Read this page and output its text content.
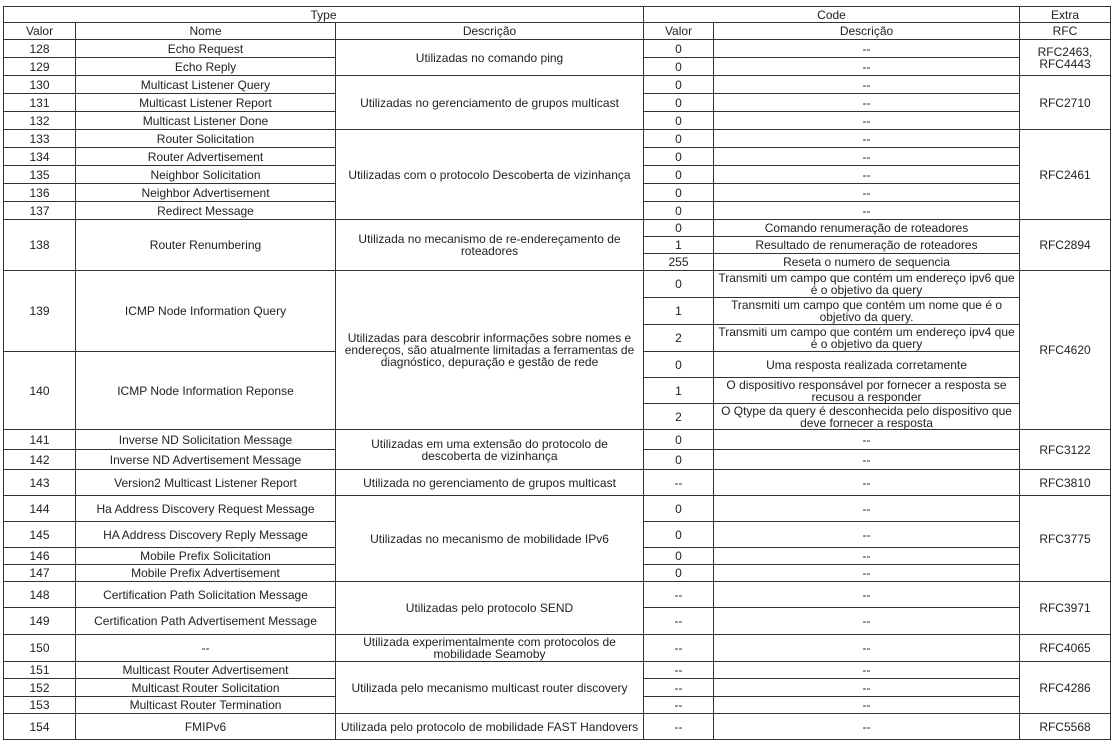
Type			Code		Extra
Valor	Nome	Descrição	Valor	Descrição	RFC
128	Echo Request	Utilizadas no comando ping	0	--	RFC2463, RFC4443
129	Echo Reply		0	--	
130	Multicast Listener Query	Utilizadas no gerenciamento de grupos multicast	0	--	RFC2710
131	Multicast Listener Report		0	--	
132	Multicast Listener Done		0	--	
133	Router Solicitation	Utilizadas com o protocolo Descoberta de vizinhança	0	--	RFC2461
134	Router Advertisement		0	--	
135	Neighbor Solicitation		0	--	
136	Neighbor Advertisement		0	--	
137	Redirect Message		0	--	
138	Router Renumbering	Utilizada no mecanismo de re-endereçamento de roteadores	0	Comando renumeração de roteadores	RFC2894
			1	Resultado de renumeração de roteadores	
			255	Reseta o numero de sequencia	
139	ICMP Node Information Query	Utilizadas para descobrir informações sobre nomes e endereços, são atualmente limitadas a ferramentas de diagnóstico, depuração e gestão de rede	0	Transmiti um campo que contém um endereço ipv6 que é o objetivo da query	RFC4620
			1	Transmiti um campo que contém um nome que é o objetivo da query.	
			2	Transmiti um campo que contém um endereço ipv4 que é o objetivo da query	
140	ICMP Node Information Reponse		0	Uma resposta realizada corretamente	
			1	O dispositivo responsável por fornecer a resposta se recusou a responder	
			2	O Qtype da query é desconhecida pelo dispositivo que deve fornecer a resposta	
141	Inverse ND Solicitation Message	Utilizadas em uma extensão do protocolo de descoberta de vizinhança	0	--	RFC3122
142	Inverse ND Advertisement Message		0	--	
143	Version2 Multicast Listener Report	Utilizada no gerenciamento de grupos multicast	--	--	RFC3810
144	Ha Address Discovery Request Message	Utilizadas no mecanismo de mobilidade IPv6	0	--	RFC3775
145	HA Address Discovery Reply Message		0	--	
146	Mobile Prefix Solicitation		0	--	
147	Mobile Prefix Advertisement		0	--	
148	Certification Path Solicitation Message	Utilizadas pelo protocolo SEND	--	--	RFC3971
149	Certification Path Advertisement Message		--	--	
150	--	Utilizada experimentalmente com protocolos de mobilidade Seamoby	--	--	RFC4065
151	Multicast Router Advertisement	Utilizada pelo mecanismo multicast router discovery	--	--	RFC4286
152	Multicast Router Solicitation		--	--	
153	Multicast Router Termination		--	--	
154	FMIPv6	Utilizada pelo protocolo de mobilidade FAST Handovers	--	--	RFC5568
